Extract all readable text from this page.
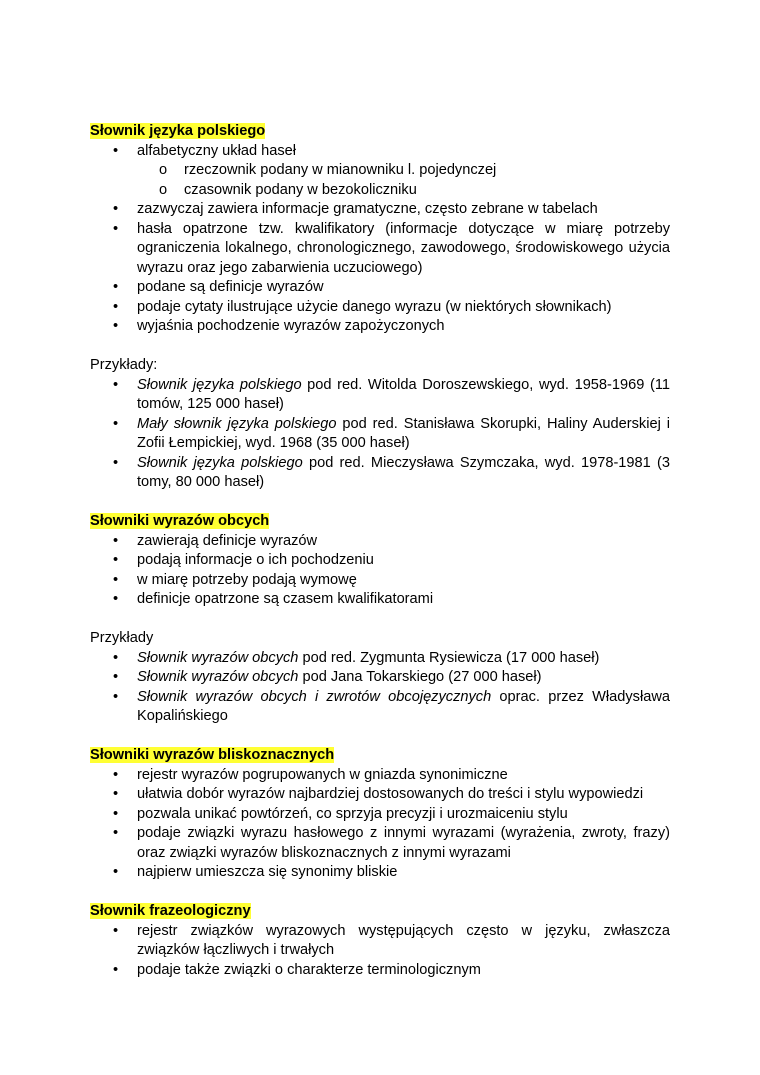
Słownik języka polskiego

• alfabetyczny układ haseł
o rzeczownik podany w mianowniku l. pojedynczej
o czasownik podany w bezokoliczniku
• zazwyczaj zawiera informacje gramatyczne, często zebrane w tabelach
• hasła opatrzone tzw. kwalifikatory (informacje dotyczące w miarę potrzeby ograniczenia lokalnego, chronologicznego, zawodowego, środowiskowego użycia wyrazu oraz jego zabarwienia uczuciowego)
• podane są definicje wyrazów
• podaje cytaty ilustrujące użycie danego wyrazu (w niektórych słownikach)
• wyjaśnia pochodzenie wyrazów zapożyczonych

Przykłady:

• Słownik języka polskiego pod red. Witolda Doroszewskiego, wyd. 1958-1969 (11 tomów, 125 000 haseł)
• Mały słownik języka polskiego pod red. Stanisława Skorupki, Haliny Auderskiej i Zofii Łempickiej, wyd. 1968 (35 000 haseł)
• Słownik języka polskiego pod red. Mieczysława Szymczaka, wyd. 1978-1981 (3 tomy, 80 000 haseł)

Słowniki wyrazów obcych

• zawierają definicje wyrazów
• podają informacje o ich pochodzeniu
• w miarę potrzeby podają wymowę
• definicje opatrzone są czasem kwalifikatorami

Przykłady

• Słownik wyrazów obcych pod red. Zygmunta Rysiewicza (17 000 haseł)
• Słownik wyrazów obcych pod Jana Tokarskiego (27 000 haseł)
• Słownik wyrazów obcych i zwrotów obcojęzycznych oprac. przez Władysława Kopalińskiego

Słowniki wyrazów bliskoznacznych

• rejestr wyrazów pogrupowanych w gniazda synonimiczne
• ułatwia dobór wyrazów najbardziej dostosowanych do treści i stylu wypowiedzi
• pozwala unikać powtórzeń, co sprzyja precyzji i urozmaiceniu stylu
• podaje związki wyrazu hasłowego z innymi wyrazami (wyrażenia, zwroty, frazy) oraz związki wyrazów bliskoznacznych z innymi wyrazami
• najpierw umieszcza się synonimy bliskie

Słownik frazeologiczny

• rejestr związków wyrazowych występujących często w języku, zwłaszcza związków łączliwych i trwałych
• podaje także związki o charakterze terminologicznym
